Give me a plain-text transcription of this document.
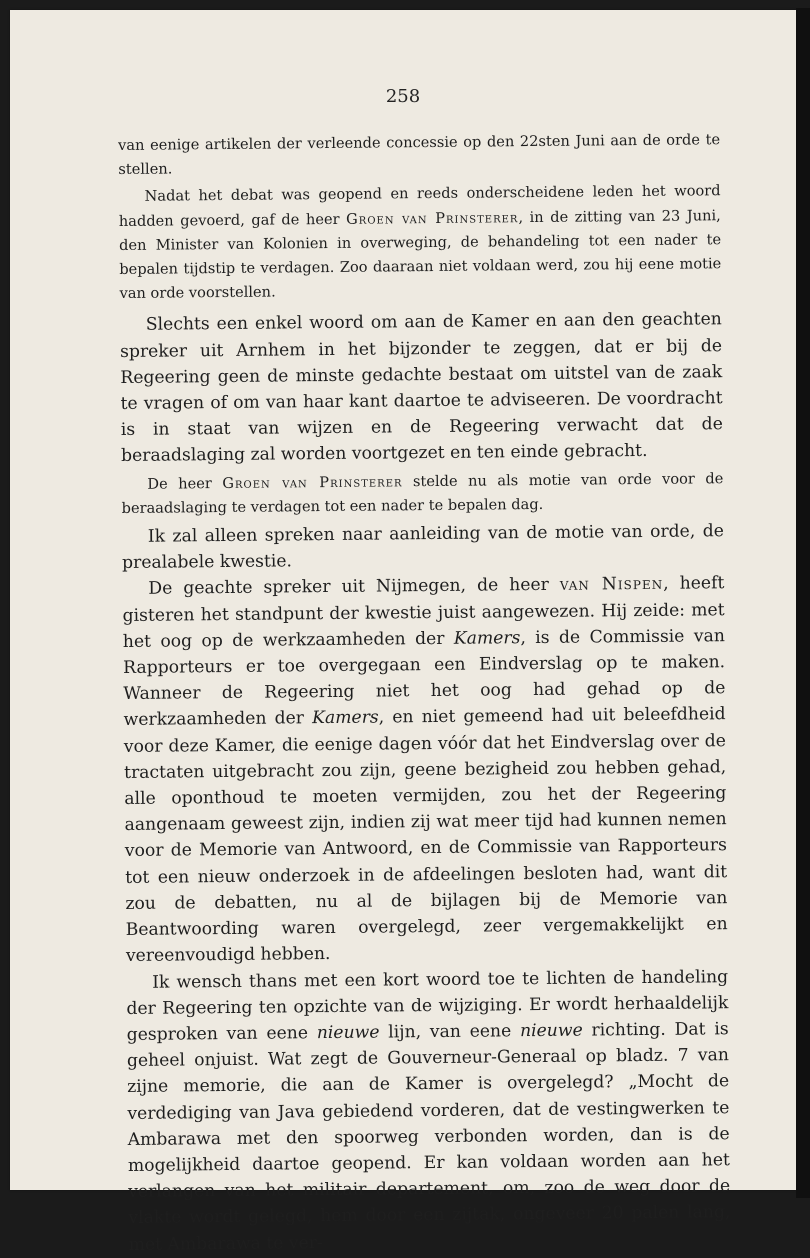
258

van eenige artikelen der verleende concessie op den 22sten Juni aan de orde te stellen.

Nadat het debat was geopend en reeds onderscheidene leden het woord hadden gevoerd, gaf de heer Groen van Prinsterer, in de zitting van 23 Juni, den Minister van Kolonien in overweging, de behandeling tot een nader te bepalen tijdstip te verdagen. Zoo daaraan niet voldaan werd, zou hij eene motie van orde voorstellen.

Slechts een enkel woord om aan de Kamer en aan den geachten spreker uit Arnhem in het bijzonder te zeggen, dat er bij de Regeering geen de minste gedachte bestaat om uitstel van de zaak te vragen of om van haar kant daartoe te adviseeren. De voordracht is in staat van wijzen en de Regeering verwacht dat de beraadslaging zal worden voortgezet en ten einde gebracht.

De heer Groen van Prinsterer stelde nu als motie van orde voor de beraadslaging te verdagen tot een nader te bepalen dag.

Ik zal alleen spreken naar aanleiding van de motie van orde, de prealabele kwestie.

De geachte spreker uit Nijmegen, de heer van Nispen, heeft gisteren het standpunt der kwestie juist aangewezen. Hij zeide: met het oog op de werkzaamheden der Kamers, is de Commissie van Rapporteurs er toe overgegaan een Eindverslag op te maken. Wanneer de Regeering niet het oog had gehad op de werkzaamheden der Kamers, en niet gemeend had uit beleefdheid voor deze Kamer, die eenige dagen vóór dat het Eindverslag over de tractaten uitgebracht zou zijn, geene bezigheid zou hebben gehad, alle oponthoud te moeten vermijden, zou het der Regeering aangenaam geweest zijn, indien zij wat meer tijd had kunnen nemen voor de Memorie van Antwoord, en de Commissie van Rapporteurs tot een nieuw onderzoek in de afdeelingen besloten had, want dit zou de debatten, nu al de bijlagen bij de Memorie van Beantwoording waren overgelegd, zeer vergemakkelijkt en vereenvoudigd hebben.

Ik wensch thans met een kort woord toe te lichten de handeling der Regeering ten opzichte van de wijziging. Er wordt herhaaldelijk gesproken van eene nieuwe lijn, van eene nieuwe richting. Dat is geheel onjuist. Wat zegt de Gouverneur-Generaal op bladz. 7 van zijne memorie, die aan de Kamer is overgelegd? „Mocht de verdediging van Java gebiedend vorderen, dat de vestingwerken te Ambarawa met den spoorweg verbonden worden, dan is de mogelijkheid daartoe geopend. Er kan voldaan worden aan het verlangen van het militair departement, om, zoo de weg door de vlakte wordt gelegd, hem door een zijtak, ongeveer 20 palen lang, met Ambarawa te ver-
